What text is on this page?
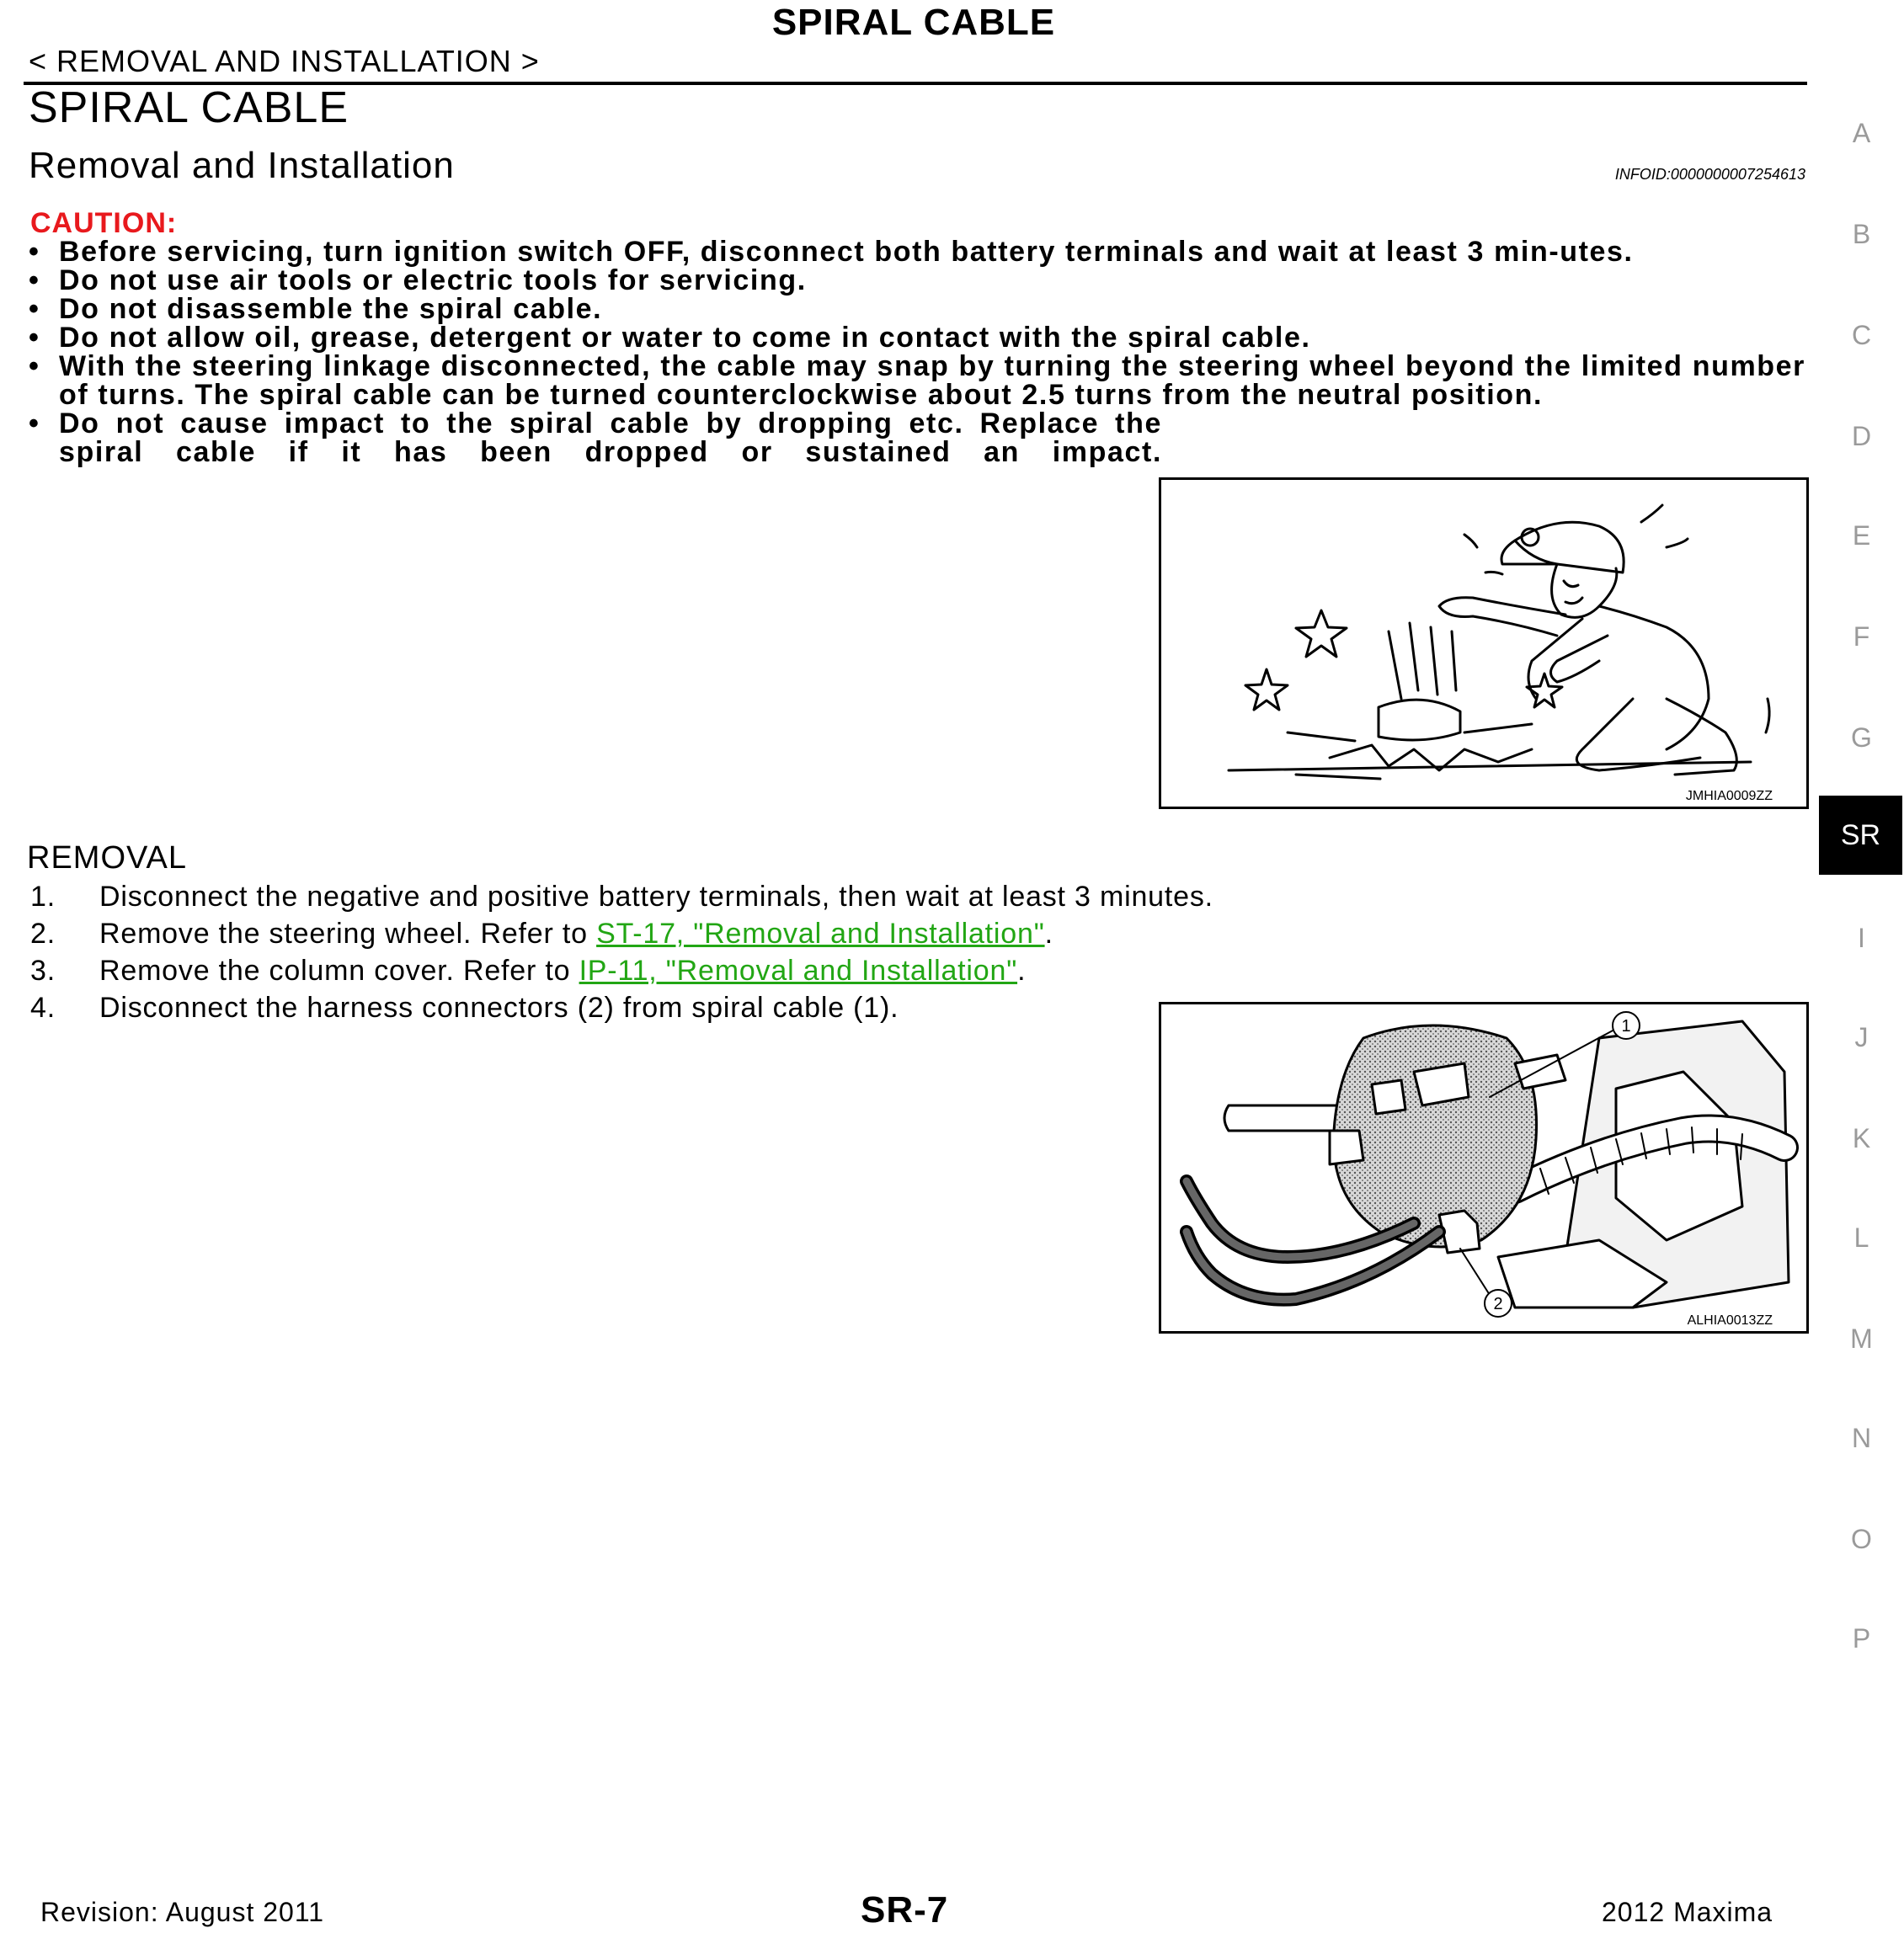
SPIRAL CABLE
< REMOVAL AND INSTALLATION >
SPIRAL CABLE
Removal and Installation	INFOID:0000000007254613
CAUTION:
• Before servicing, turn ignition switch OFF, disconnect both battery terminals and wait at least 3 min-utes.
• Do not use air tools or electric tools for servicing.
• Do not disassemble the spiral cable.
• Do not allow oil, grease, detergent or water to come in contact with the spiral cable.
• With the steering linkage disconnected, the cable may snap by turning the steering wheel beyond the limited number of turns. The spiral cable can be turned counterclockwise about 2.5 turns from the neutral position.
• Do not cause impact to the spiral cable by dropping etc. Replace the spiral cable if it has been dropped or sustained an impact.
JMHIA0009ZZ
REMOVAL
1. Disconnect the negative and positive battery terminals, then wait at least 3 minutes.
2. Remove the steering wheel. Refer to ST-17, "Removal and Installation".
3. Remove the column cover. Refer to IP-11, "Removal and Installation".
4. Disconnect the harness connectors (2) from spiral cable (1).
1
2
ALHIA0013ZZ
A
B
C
D
E
F
G
SR
I
J
K
L
M
N
O
P
Revision: August 2011	SR-7	2012 Maxima
